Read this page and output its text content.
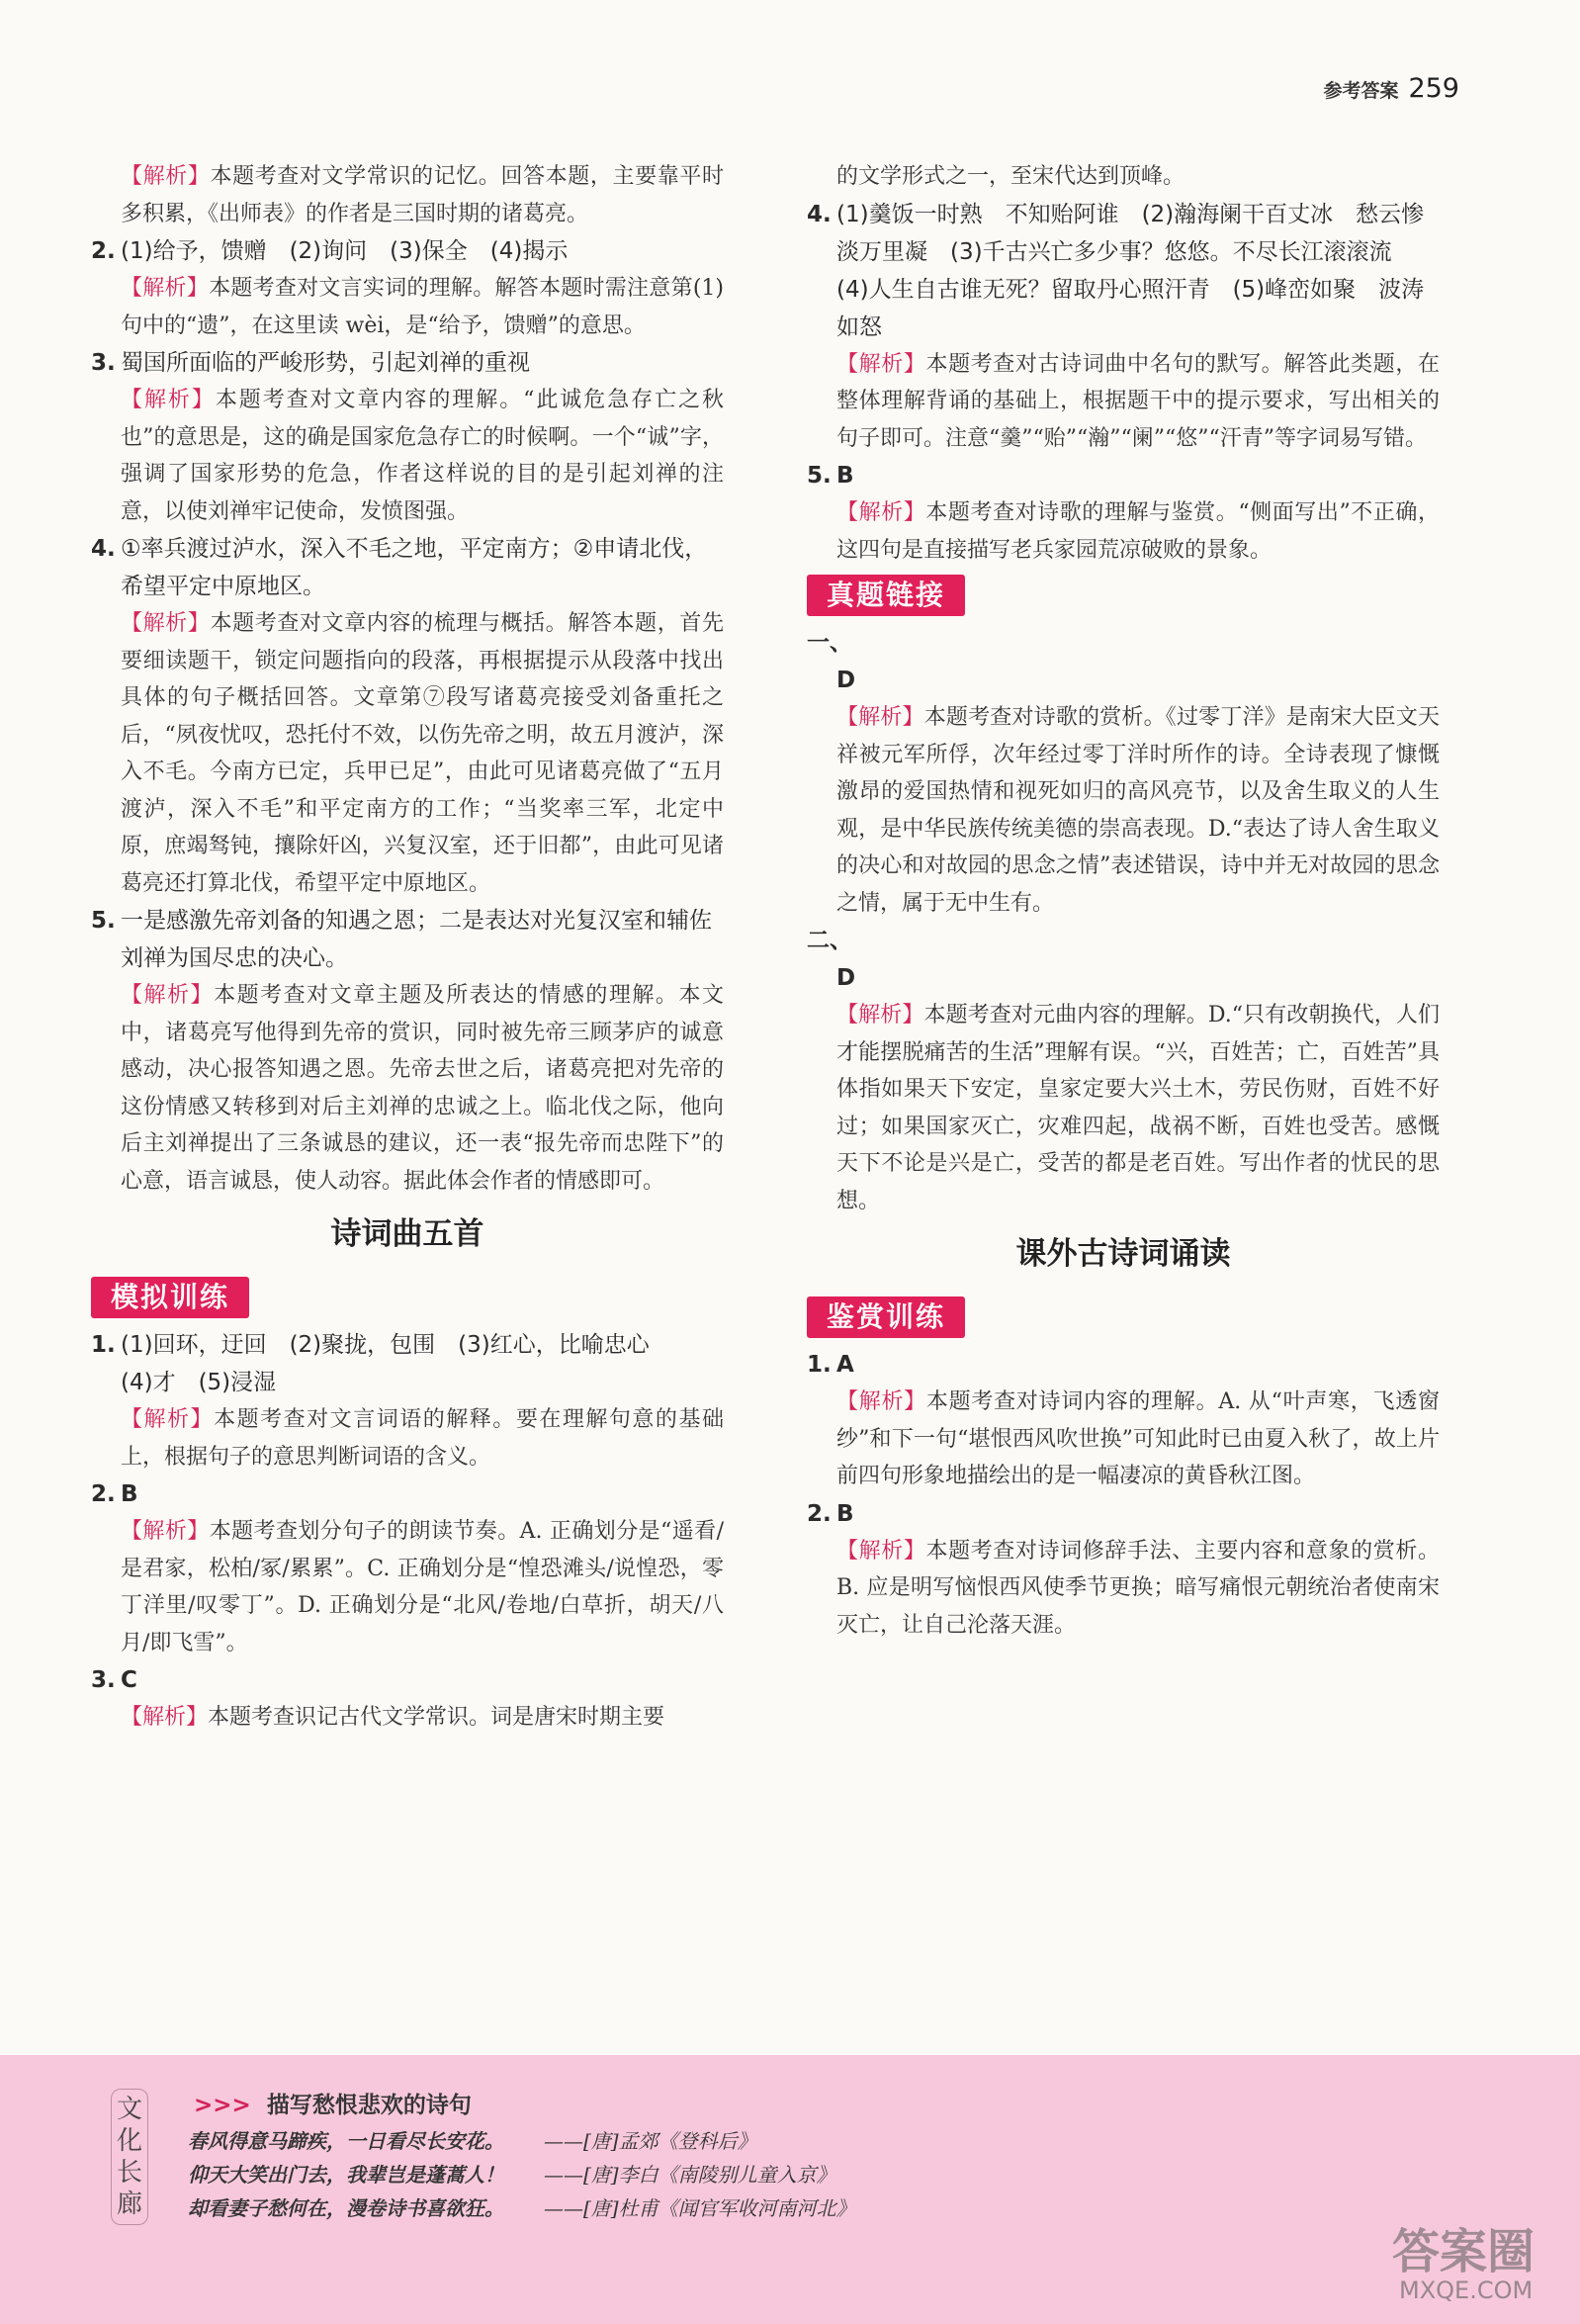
参考答案 259
【解析】本题考查对文学常识的记忆。回答本题，主要靠平时多积累，《出师表》的作者是三国时期的诸葛亮。
2. (1)给予，馈赠　(2)询问　(3)保全　(4)揭示
【解析】本题考查对文言实词的理解。解答本题时需注意第(1)句中的“遗”，在这里读 wèi，是“给予，馈赠”的意思。
3. 蜀国所面临的严峻形势，引起刘禅的重视
【解析】本题考查对文章内容的理解。“此诚危急存亡之秋也”的意思是，这的确是国家危急存亡的时候啊。一个“诚”字，强调了国家形势的危急，作者这样说的目的是引起刘禅的注意，以使刘禅牢记使命，发愤图强。
4. ①率兵渡过泸水，深入不毛之地，平定南方；②申请北伐，希望平定中原地区。
【解析】本题考查对文章内容的梳理与概括。解答本题，首先要细读题干，锁定问题指向的段落，再根据提示从段落中找出具体的句子概括回答。文章第⑦段写诸葛亮接受刘备重托之后，“夙夜忧叹，恐托付不效，以伤先帝之明，故五月渡泸，深入不毛。今南方已定，兵甲已足”，由此可见诸葛亮做了“五月渡泸，深入不毛”和平定南方的工作；“当奖率三军，北定中原，庶竭驽钝，攘除奸凶，兴复汉室，还于旧都”，由此可见诸葛亮还打算北伐，希望平定中原地区。
5. 一是感激先帝刘备的知遇之恩；二是表达对光复汉室和辅佐刘禅为国尽忠的决心。
【解析】本题考查对文章主题及所表达的情感的理解。本文中，诸葛亮写他得到先帝的赏识，同时被先帝三顾茅庐的诚意感动，决心报答知遇之恩。先帝去世之后，诸葛亮把对先帝的这份情感又转移到对后主刘禅的忠诚之上。临北伐之际，他向后主刘禅提出了三条诚恳的建议，还一表“报先帝而忠陛下”的心意，语言诚恳，使人动容。据此体会作者的情感即可。
诗词曲五首
模拟训练
1. (1)回环，迂回　(2)聚拢，包围　(3)红心，比喻忠心
(4)才　(5)浸湿
【解析】本题考查对文言词语的解释。要在理解句意的基础上，根据句子的意思判断词语的含义。
2. B
【解析】本题考查划分句子的朗读节奏。A. 正确划分是“遥看/是君家，松柏/冢/累累”。C. 正确划分是“惶恐滩头/说惶恐，零丁洋里/叹零丁”。D. 正确划分是“北风/卷地/白草折，胡天/八月/即飞雪”。
3. C
【解析】本题考查识记古代文学常识。词是唐宋时期主要
的文学形式之一，至宋代达到顶峰。
4. (1)羹饭一时熟　不知贻阿谁　(2)瀚海阑干百丈冰　愁云惨淡万里凝　(3)千古兴亡多少事？悠悠。不尽长江滚滚流　(4)人生自古谁无死？留取丹心照汗青　(5)峰峦如聚　波涛如怒
【解析】本题考查对古诗词曲中名句的默写。解答此类题，在整体理解背诵的基础上，根据题干中的提示要求，写出相关的句子即可。注意“羹”“贻”“瀚”“阑”“悠”“汗青”等字词易写错。
5. B
【解析】本题考查对诗歌的理解与鉴赏。“侧面写出”不正确，这四句是直接描写老兵家园荒凉破败的景象。
真题链接
一、
D
【解析】本题考查对诗歌的赏析。《过零丁洋》是南宋大臣文天祥被元军所俘，次年经过零丁洋时所作的诗。全诗表现了慷慨激昂的爱国热情和视死如归的高风亮节，以及舍生取义的人生观，是中华民族传统美德的崇高表现。D.“表达了诗人舍生取义的决心和对故园的思念之情”表述错误，诗中并无对故园的思念之情，属于无中生有。
二、
D
【解析】本题考查对元曲内容的理解。D.“只有改朝换代，人们才能摆脱痛苦的生活”理解有误。“兴，百姓苦；亡，百姓苦”具体指如果天下安定，皇家定要大兴土木，劳民伤财，百姓不好过；如果国家灭亡，灾难四起，战祸不断，百姓也受苦。感慨天下不论是兴是亡，受苦的都是老百姓。写出作者的忧民的思想。
课外古诗词诵读
鉴赏训练
1. A
【解析】本题考查对诗词内容的理解。A. 从“叶声寒，飞透窗纱”和下一句“堪恨西风吹世换”可知此时已由夏入秋了，故上片前四句形象地描绘出的是一幅凄凉的黄昏秋江图。
2. B
【解析】本题考查对诗词修辞手法、主要内容和意象的赏析。B. 应是明写恼恨西风使季节更换；暗写痛恨元朝统治者使南宋灭亡，让自己沦落天涯。
文
化
长
廊
>>> 描写愁恨悲欢的诗句
春风得意马蹄疾，一日看尽长安花。	——[唐]孟郊《登科后》
仰天大笑出门去，我辈岂是蓬蒿人！	——[唐]李白《南陵别儿童入京》
却看妻子愁何在，漫卷诗书喜欲狂。	——[唐]杜甫《闻官军收河南河北》
答案圈
MXQE.COM
